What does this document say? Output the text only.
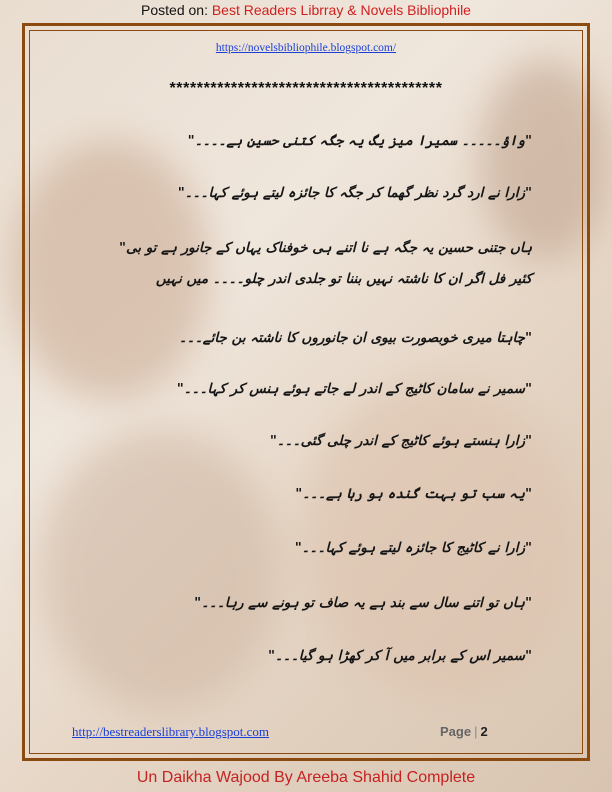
Posted on: Best Readers Librray & Novels Bibliophile
https://novelsbibliophile.blogspot.com/
****************************************
"واؤ۔۔۔۔۔ سمیرا میز یگ یہ جگہ کتنی حسین ہے۔۔۔۔"
"زارا نے ارد گرد نظر گھما کر جگہ کا جائزہ لیتے ہوئے کہا۔۔۔"
ہاں جتنی حسین یہ جگہ ہے نا اتنے ہی خوفناک یہاں کے جانور ہے تو بی"
کئیر فل اگر ان کا ناشتہ نہیں بننا تو جلدی اندر چلو۔۔۔۔ میں نہیں
"چاہتا میری خوبصورت بیوی ان جانوروں کا ناشتہ بن جائے۔۔۔
"سمیر نے سامان کاٹیج کے اندر لے جاتے ہوئے ہنس کر کہا۔۔۔"
"زارا ہنستے ہوئے کاٹیج کے اندر چلی گئی۔۔۔"
"یہ سب تو بہت گندہ ہو رہا ہے۔۔۔"
"زارا نے کاٹیج کا جائزہ لیتے ہوئے کہا۔۔۔"
"ہاں تو اتنے سال سے بند ہے یہ صاف تو ہونے سے رہا۔۔۔"
"سمیر اس کے برابر میں آ کر کھڑا ہو گیا۔۔۔"
http://bestreaderslibrary.blogspot.com	Page | 2
Un Daikha Wajood By Areeba Shahid Complete
